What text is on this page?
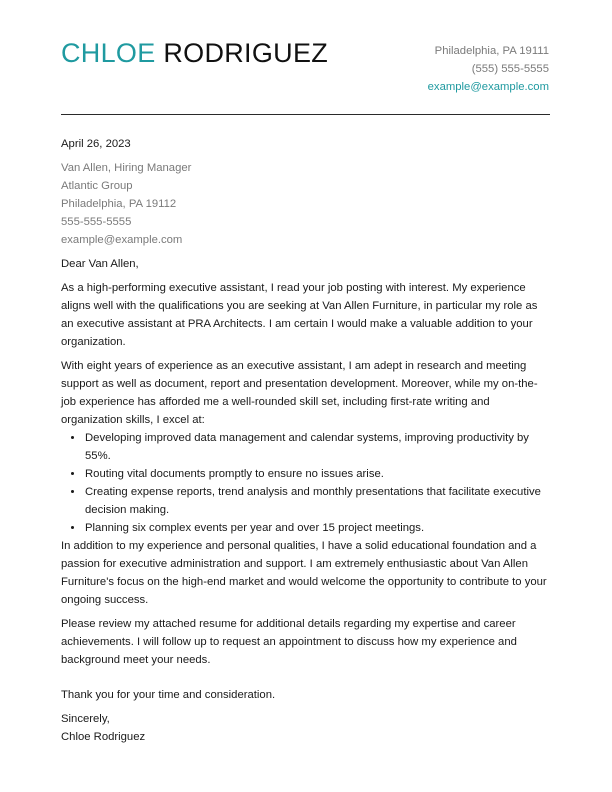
CHLOE RODRIGUEZ	Philadelphia, PA 19111
(555) 555-5555
example@example.com
April 26, 2023
Van Allen, Hiring Manager
Atlantic Group
Philadelphia, PA 19112
555-555-5555
example@example.com

Dear Van Allen,

As a high-performing executive assistant, I read your job posting with interest. My experience aligns well with the qualifications you are seeking at Van Allen Furniture, in particular my role as an executive assistant at PRA Architects. I am certain I would make a valuable addition to your organization.

With eight years of experience as an executive assistant, I am adept in research and meeting support as well as document, report and presentation development. Moreover, while my on-the-job experience has afforded me a well-rounded skill set, including first-rate writing and organization skills, I excel at:

• Developing improved data management and calendar systems, improving productivity by 55%.
• Routing vital documents promptly to ensure no issues arise.
• Creating expense reports, trend analysis and monthly presentations that facilitate executive decision making.
• Planning six complex events per year and over 15 project meetings.

In addition to my experience and personal qualities, I have a solid educational foundation and a passion for executive administration and support. I am extremely enthusiastic about Van Allen Furniture's focus on the high-end market and would welcome the opportunity to contribute to your ongoing success.

Please review my attached resume for additional details regarding my expertise and career achievements. I will follow up to request an appointment to discuss how my experience and background meet your needs.

Thank you for your time and consideration.
Sincerely,
Chloe Rodriguez
